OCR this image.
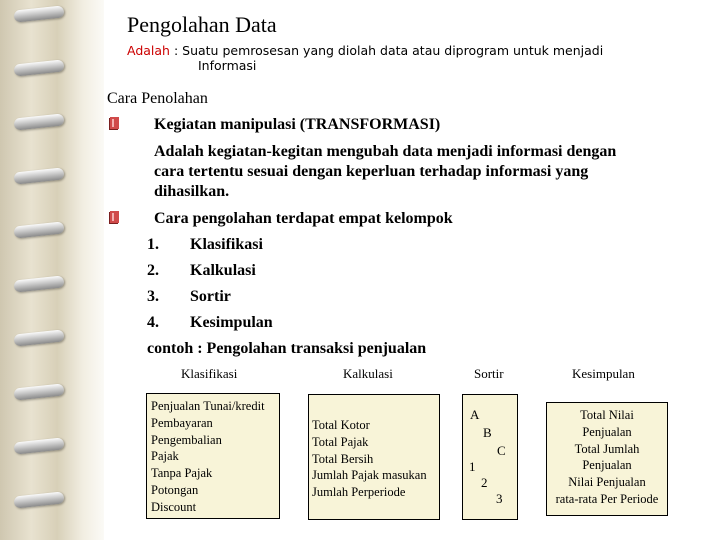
Pengolahan Data
Adalah : Suatu pemrosesan yang diolah data atau diprogram untuk menjadi
Informasi
Cara Penolahan
Kegiatan manipulasi (TRANSFORMASI)
Adalah kegiatan-kegitan mengubah data menjadi informasi dengan
cara tertentu sesuai dengan keperluan terhadap informasi yang
dihasilkan.
Cara pengolahan terdapat empat kelompok
1. Klasifikasi
2. Kalkulasi
3. Sortir
4. Kesimpulan
contoh : Pengolahan transaksi penjualan
Klasifikasi	Kalkulasi	Sortir	Kesimpulan
Penjualan Tunai/kredit
Pembayaran
Pengembalian
Pajak
Tanpa Pajak
Potongan
Discount
Total Kotor
Total Pajak
Total Bersih
Jumlah Pajak masukan
Jumlah Perperiode
A
B
C
1
2
3
Total Nilai
Penjualan
Total Jumlah
Penjualan
Nilai Penjualan
rata-rata Per Periode
